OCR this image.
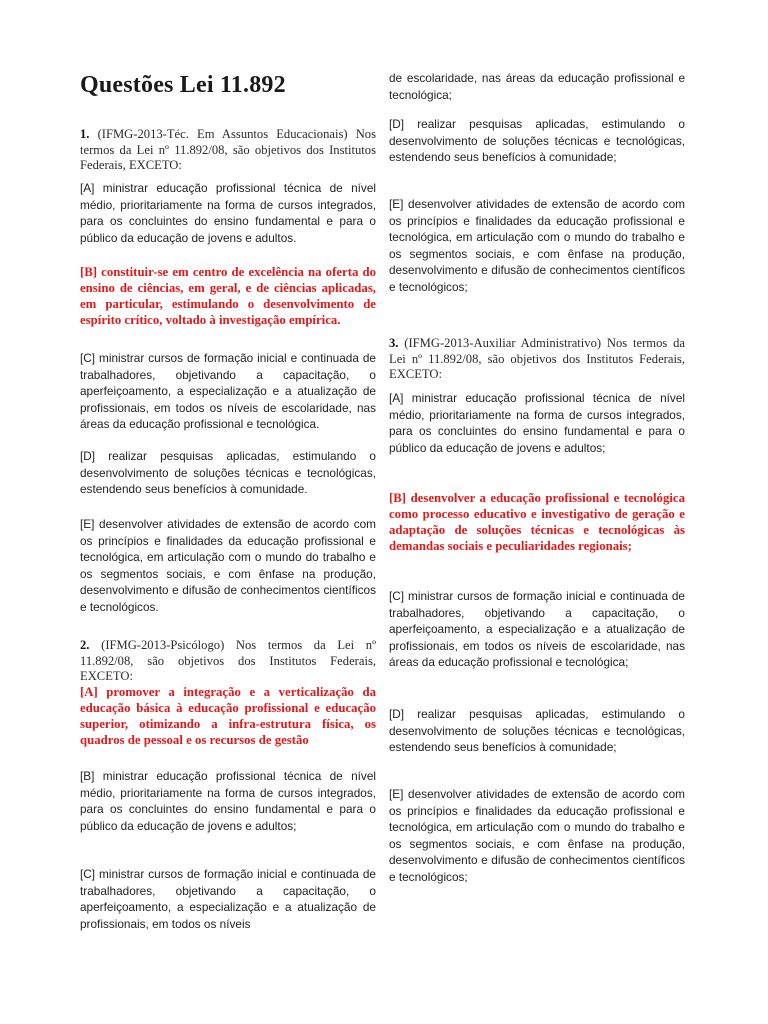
Questões Lei 11.892

1. (IFMG-2013-Téc. Em Assuntos Educacionais) Nos termos da Lei nº 11.892/08, são objetivos dos Institutos Federais, EXCETO:

[A] ministrar educação profissional técnica de nível médio, prioritariamente na forma de cursos integrados, para os concluintes do ensino fundamental e para o público da educação de jovens e adultos.

[B] constituir-se em centro de excelência na oferta do ensino de ciências, em geral, e de ciências aplicadas, em particular, estimulando o desenvolvimento de espírito crítico, voltado à investigação empírica.

[C] ministrar cursos de formação inicial e continuada de trabalhadores, objetivando a capacitação, o aperfeiçoamento, a especialização e a atualização de profissionais, em todos os níveis de escolaridade, nas áreas da educação profissional e tecnológica.

[D] realizar pesquisas aplicadas, estimulando o desenvolvimento de soluções técnicas e tecnológicas, estendendo seus benefícios à comunidade.

[E] desenvolver atividades de extensão de acordo com os princípios e finalidades da educação profissional e tecnológica, em articulação com o mundo do trabalho e os segmentos sociais, e com ênfase na produção, desenvolvimento e difusão de conhecimentos científicos e tecnológicos.

2. (IFMG-2013-Psicólogo) Nos termos da Lei nº 11.892/08, são objetivos dos Institutos Federais, EXCETO:

[A] promover a integração e a verticalização da educação básica à educação profissional e educação superior, otimizando a infra-estrutura física, os quadros de pessoal e os recursos de gestão

[B] ministrar educação profissional técnica de nível médio, prioritariamente na forma de cursos integrados, para os concluintes do ensino fundamental e para o público da educação de jovens e adultos;

[C] ministrar cursos de formação inicial e continuada de trabalhadores, objetivando a capacitação, o aperfeiçoamento, a especialização e a atualização de profissionais, em todos os níveis

de escolaridade, nas áreas da educação profissional e tecnológica;

[D] realizar pesquisas aplicadas, estimulando o desenvolvimento de soluções técnicas e tecnológicas, estendendo seus benefícios à comunidade;

[E] desenvolver atividades de extensão de acordo com os princípios e finalidades da educação profissional e tecnológica, em articulação com o mundo do trabalho e os segmentos sociais, e com ênfase na produção, desenvolvimento e difusão de conhecimentos científicos e tecnológicos;

3. (IFMG-2013-Auxiliar Administrativo) Nos termos da Lei nº 11.892/08, são objetivos dos Institutos Federais, EXCETO:

[A] ministrar educação profissional técnica de nível médio, prioritariamente na forma de cursos integrados, para os concluintes do ensino fundamental e para o público da educação de jovens e adultos;

[B] desenvolver a educação profissional e tecnológica como processo educativo e investigativo de geração e adaptação de soluções técnicas e tecnológicas às demandas sociais e peculiaridades regionais;

[C] ministrar cursos de formação inicial e continuada de trabalhadores, objetivando a capacitação, o aperfeiçoamento, a especialização e a atualização de profissionais, em todos os níveis de escolaridade, nas áreas da educação profissional e tecnológica;

[D] realizar pesquisas aplicadas, estimulando o desenvolvimento de soluções técnicas e tecnológicas, estendendo seus benefícios à comunidade;

[E] desenvolver atividades de extensão de acordo com os princípios e finalidades da educação profissional e tecnológica, em articulação com o mundo do trabalho e os segmentos sociais, e com ênfase na produção, desenvolvimento e difusão de conhecimentos científicos e tecnológicos;
